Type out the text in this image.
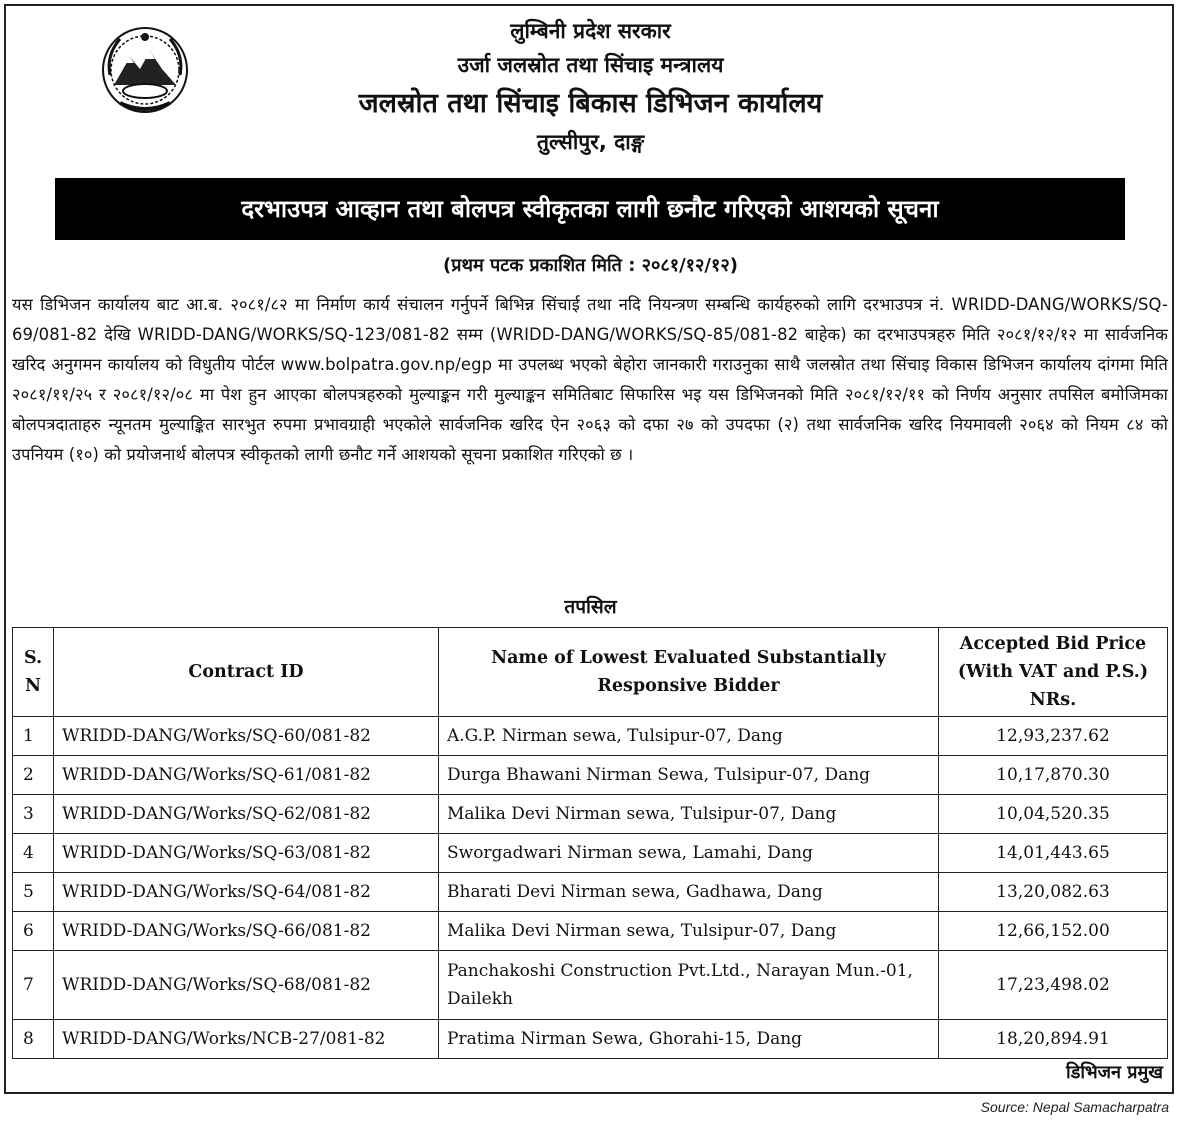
लुम्बिनी प्रदेश सरकार
उर्जा जलस्रोत तथा सिंचाइ मन्त्रालय
जलस्रोत तथा सिंचाइ बिकास डिभिजन कार्यालय
तुल्सीपुर, दाङ्ग
दरभाउपत्र आव्हान तथा बोलपत्र स्वीकृतका लागी छनौट गरिएको आशयको सूचना
(प्रथम पटक प्रकाशित मिति : २०८१/१२/१२)
यस डिभिजन कार्यालय बाट आ.ब. २०८१/८२ मा निर्माण कार्य संचालन गर्नुपर्ने बिभिन्न सिंचाई तथा नदि नियन्त्रण सम्बन्धि कार्यहरुको लागि दरभाउपत्र नं. WRIDD-DANG/WORKS/SQ-69/081-82 देखि WRIDD-DANG/WORKS/SQ-123/081-82 सम्म (WRIDD-DANG/WORKS/SQ-85/081-82 बाहेक) का दरभाउपत्रहरु मिति २०८१/१२/१२ मा सार्वजनिक खरिद अनुगमन कार्यालय को विधुतीय पोर्टल www.bolpatra.gov.np/egp मा उपलब्ध भएको बेहोरा जानकारी गराउनुका साथै जलस्रोत तथा सिंचाइ विकास डिभिजन कार्यालय दांगमा मिति २०८१/११/२५ र २०८१/१२/०८ मा पेश हुन आएका बोलपत्रहरुको मुल्याङ्कन गरी मुल्याङ्कन समितिबाट सिफारिस भइ यस डिभिजनको मिति २०८१/१२/११ को निर्णय अनुसार तपसिल बमोजिमका बोलपत्रदाताहरु न्यूनतम मुल्याङ्कित सारभुत रुपमा प्रभावग्राही भएकोले सार्वजनिक खरिद ऐन २०६३ को दफा २७ को उपदफा (२) तथा सार्वजनिक खरिद नियमावली २०६४ को नियम ८४ को उपनियम (१०) को प्रयोजनार्थ बोलपत्र स्वीकृतको लागी छनौट गर्ने आशयको सूचना प्रकाशित गरिएको छ ।
तपसिल
S.
N	Contract ID	Name of Lowest Evaluated Substantially Responsive Bidder	Accepted Bid Price (With VAT and P.S.) NRs.
1	WRIDD-DANG/Works/SQ-60/081-82	A.G.P. Nirman sewa, Tulsipur-07, Dang	12,93,237.62
2	WRIDD-DANG/Works/SQ-61/081-82	Durga Bhawani Nirman Sewa, Tulsipur-07, Dang	10,17,870.30
3	WRIDD-DANG/Works/SQ-62/081-82	Malika Devi Nirman sewa, Tulsipur-07, Dang	10,04,520.35
4	WRIDD-DANG/Works/SQ-63/081-82	Sworgadwari Nirman sewa, Lamahi, Dang	14,01,443.65
5	WRIDD-DANG/Works/SQ-64/081-82	Bharati Devi Nirman sewa, Gadhawa, Dang	13,20,082.63
6	WRIDD-DANG/Works/SQ-66/081-82	Malika Devi Nirman sewa, Tulsipur-07, Dang	12,66,152.00
7	WRIDD-DANG/Works/SQ-68/081-82	Panchakoshi Construction Pvt.Ltd., Narayan Mun.-01, Dailekh	17,23,498.02
8	WRIDD-DANG/Works/NCB-27/081-82	Pratima Nirman Sewa, Ghorahi-15, Dang	18,20,894.91
डिभिजन प्रमुख
Source: Nepal Samacharpatra
